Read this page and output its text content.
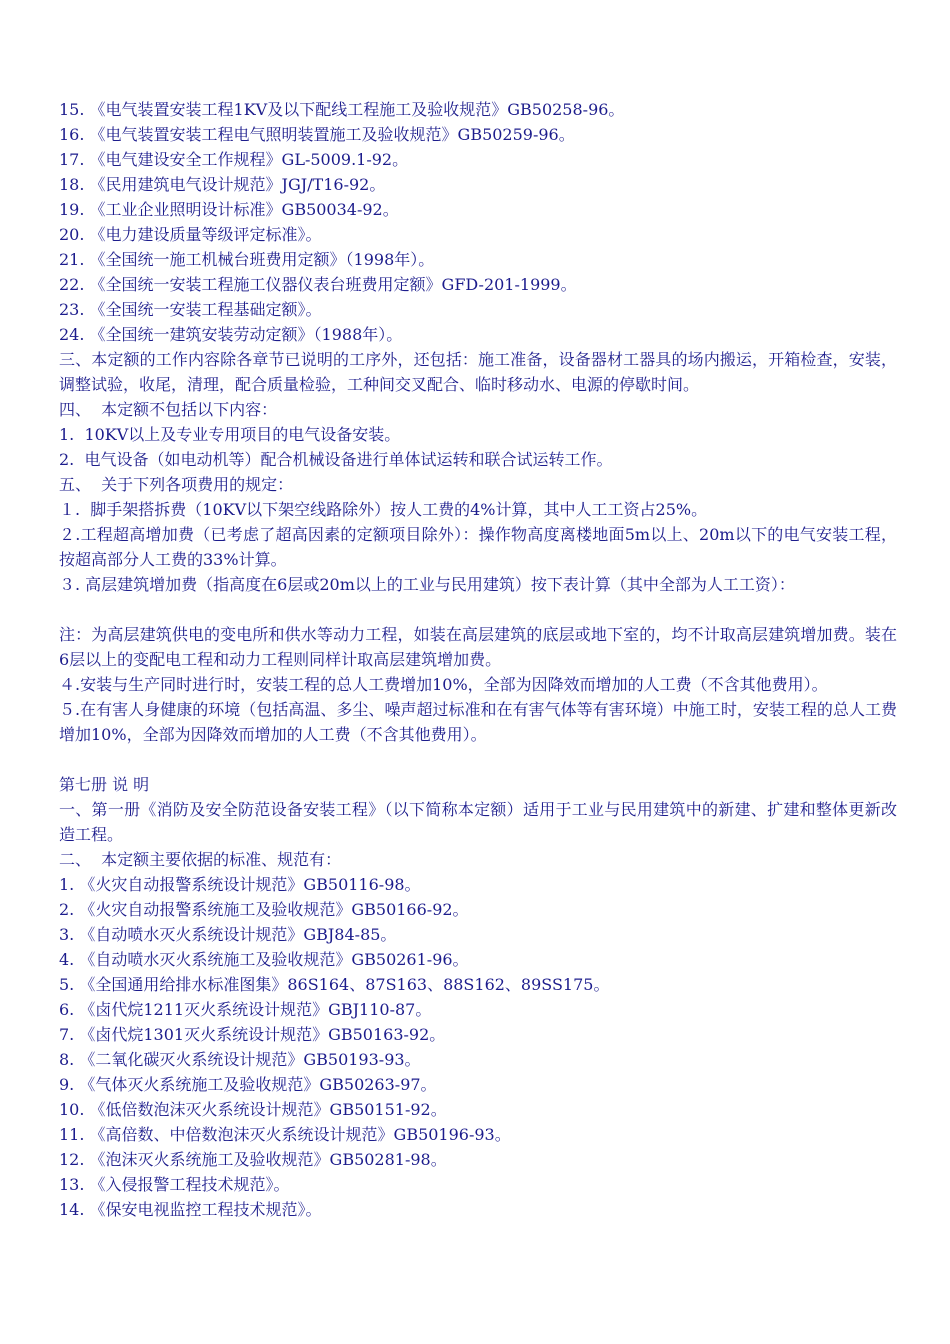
15. 《电气装置安装工程1KV及以下配线工程施工及验收规范》GB50258-96。
16. 《电气装置安装工程电气照明装置施工及验收规范》GB50259-96。
17. 《电气建设安全工作规程》GL-5009.1-92。
18. 《民用建筑电气设计规范》JGJ/T16-92。
19. 《工业企业照明设计标准》GB50034-92。
20. 《电力建设质量等级评定标准》。
21. 《全国统一施工机械台班费用定额》（1998年）。
22. 《全国统一安装工程施工仪器仪表台班费用定额》GFD-201-1999。
23. 《全国统一安装工程基础定额》。
24. 《全国统一建筑安装劳动定额》（1988年）。
三、本定额的工作内容除各章节已说明的工序外，还包括：施工准备，设备器材工器具的场内搬运，开箱检查，安装，调整试验，收尾，清理，配合质量检验，工种间交叉配合、临时移动水、电源的停歇时间。
四、  本定额不包括以下内容：
1.  10KV以上及专业专用项目的电气设备安装。
2.  电气设备（如电动机等）配合机械设备进行单体试运转和联合试运转工作。
五、  关于下列各项费用的规定：
１.  脚手架搭拆费（10KV以下架空线路除外）按人工费的4%计算，其中人工工资占25%。
２.工程超高增加费（已考虑了超高因素的定额项目除外）：操作物高度离楼地面5m以上、20m以下的电气安装工程，按超高部分人工费的33%计算。
３. 高层建筑增加费（指高度在6层或20m以上的工业与民用建筑）按下表计算（其中全部为人工工资）：
注：为高层建筑供电的变电所和供水等动力工程，如装在高层建筑的底层或地下室的，均不计取高层建筑增加费。装在6层以上的变配电工程和动力工程则同样计取高层建筑增加费。
４.安装与生产同时进行时，安装工程的总人工费增加10%，全部为因降效而增加的人工费（不含其他费用）。
５.在有害人身健康的环境（包括高温、多尘、噪声超过标准和在有害气体等有害环境）中施工时，安装工程的总人工费增加10%，全部为因降效而增加的人工费（不含其他费用）。
第七册 说 明
一、第一册《消防及安全防范设备安装工程》（以下简称本定额）适用于工业与民用建筑中的新建、扩建和整体更新改造工程。
二、  本定额主要依据的标准、规范有：
1. 《火灾自动报警系统设计规范》GB50116-98。
2. 《火灾自动报警系统施工及验收规范》GB50166-92。
3. 《自动喷水灭火系统设计规范》GBJ84-85。
4. 《自动喷水灭火系统施工及验收规范》GB50261-96。
5. 《全国通用给排水标准图集》86S164、87S163、88S162、89SS175。
6. 《卤代烷1211灭火系统设计规范》GBJ110-87。
7. 《卤代烷1301灭火系统设计规范》GB50163-92。
8. 《二氧化碳灭火系统设计规范》GB50193-93。
9. 《气体灭火系统施工及验收规范》GB50263-97。
10. 《低倍数泡沫灭火系统设计规范》GB50151-92。
11. 《高倍数、中倍数泡沫灭火系统设计规范》GB50196-93。
12. 《泡沫灭火系统施工及验收规范》GB50281-98。
13. 《入侵报警工程技术规范》。
14. 《保安电视监控工程技术规范》。
